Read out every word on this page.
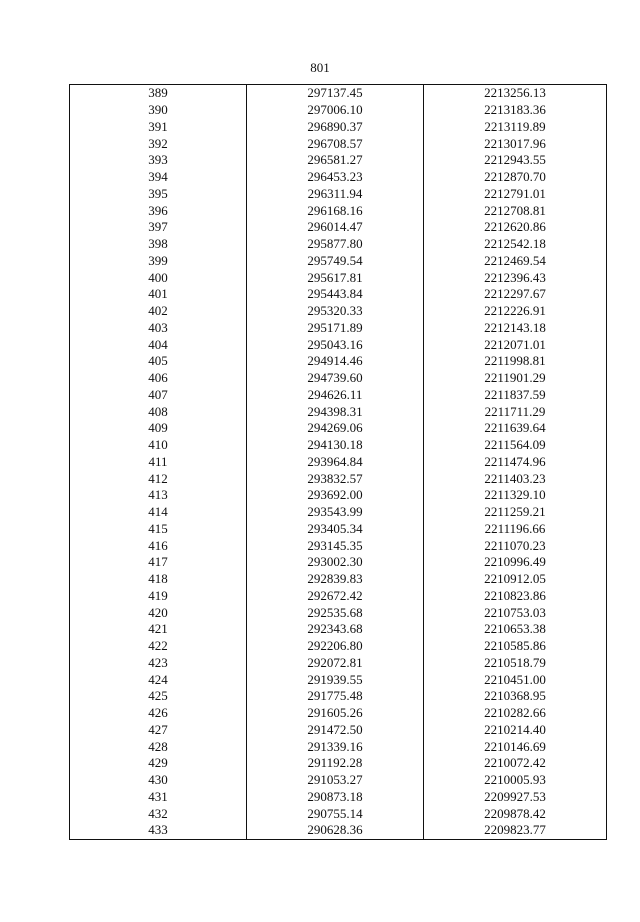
801
389	297137.45	2213256.13
390	297006.10	2213183.36
391	296890.37	2213119.89
392	296708.57	2213017.96
393	296581.27	2212943.55
394	296453.23	2212870.70
395	296311.94	2212791.01
396	296168.16	2212708.81
397	296014.47	2212620.86
398	295877.80	2212542.18
399	295749.54	2212469.54
400	295617.81	2212396.43
401	295443.84	2212297.67
402	295320.33	2212226.91
403	295171.89	2212143.18
404	295043.16	2212071.01
405	294914.46	2211998.81
406	294739.60	2211901.29
407	294626.11	2211837.59
408	294398.31	2211711.29
409	294269.06	2211639.64
410	294130.18	2211564.09
411	293964.84	2211474.96
412	293832.57	2211403.23
413	293692.00	2211329.10
414	293543.99	2211259.21
415	293405.34	2211196.66
416	293145.35	2211070.23
417	293002.30	2210996.49
418	292839.83	2210912.05
419	292672.42	2210823.86
420	292535.68	2210753.03
421	292343.68	2210653.38
422	292206.80	2210585.86
423	292072.81	2210518.79
424	291939.55	2210451.00
425	291775.48	2210368.95
426	291605.26	2210282.66
427	291472.50	2210214.40
428	291339.16	2210146.69
429	291192.28	2210072.42
430	291053.27	2210005.93
431	290873.18	2209927.53
432	290755.14	2209878.42
433	290628.36	2209823.77
